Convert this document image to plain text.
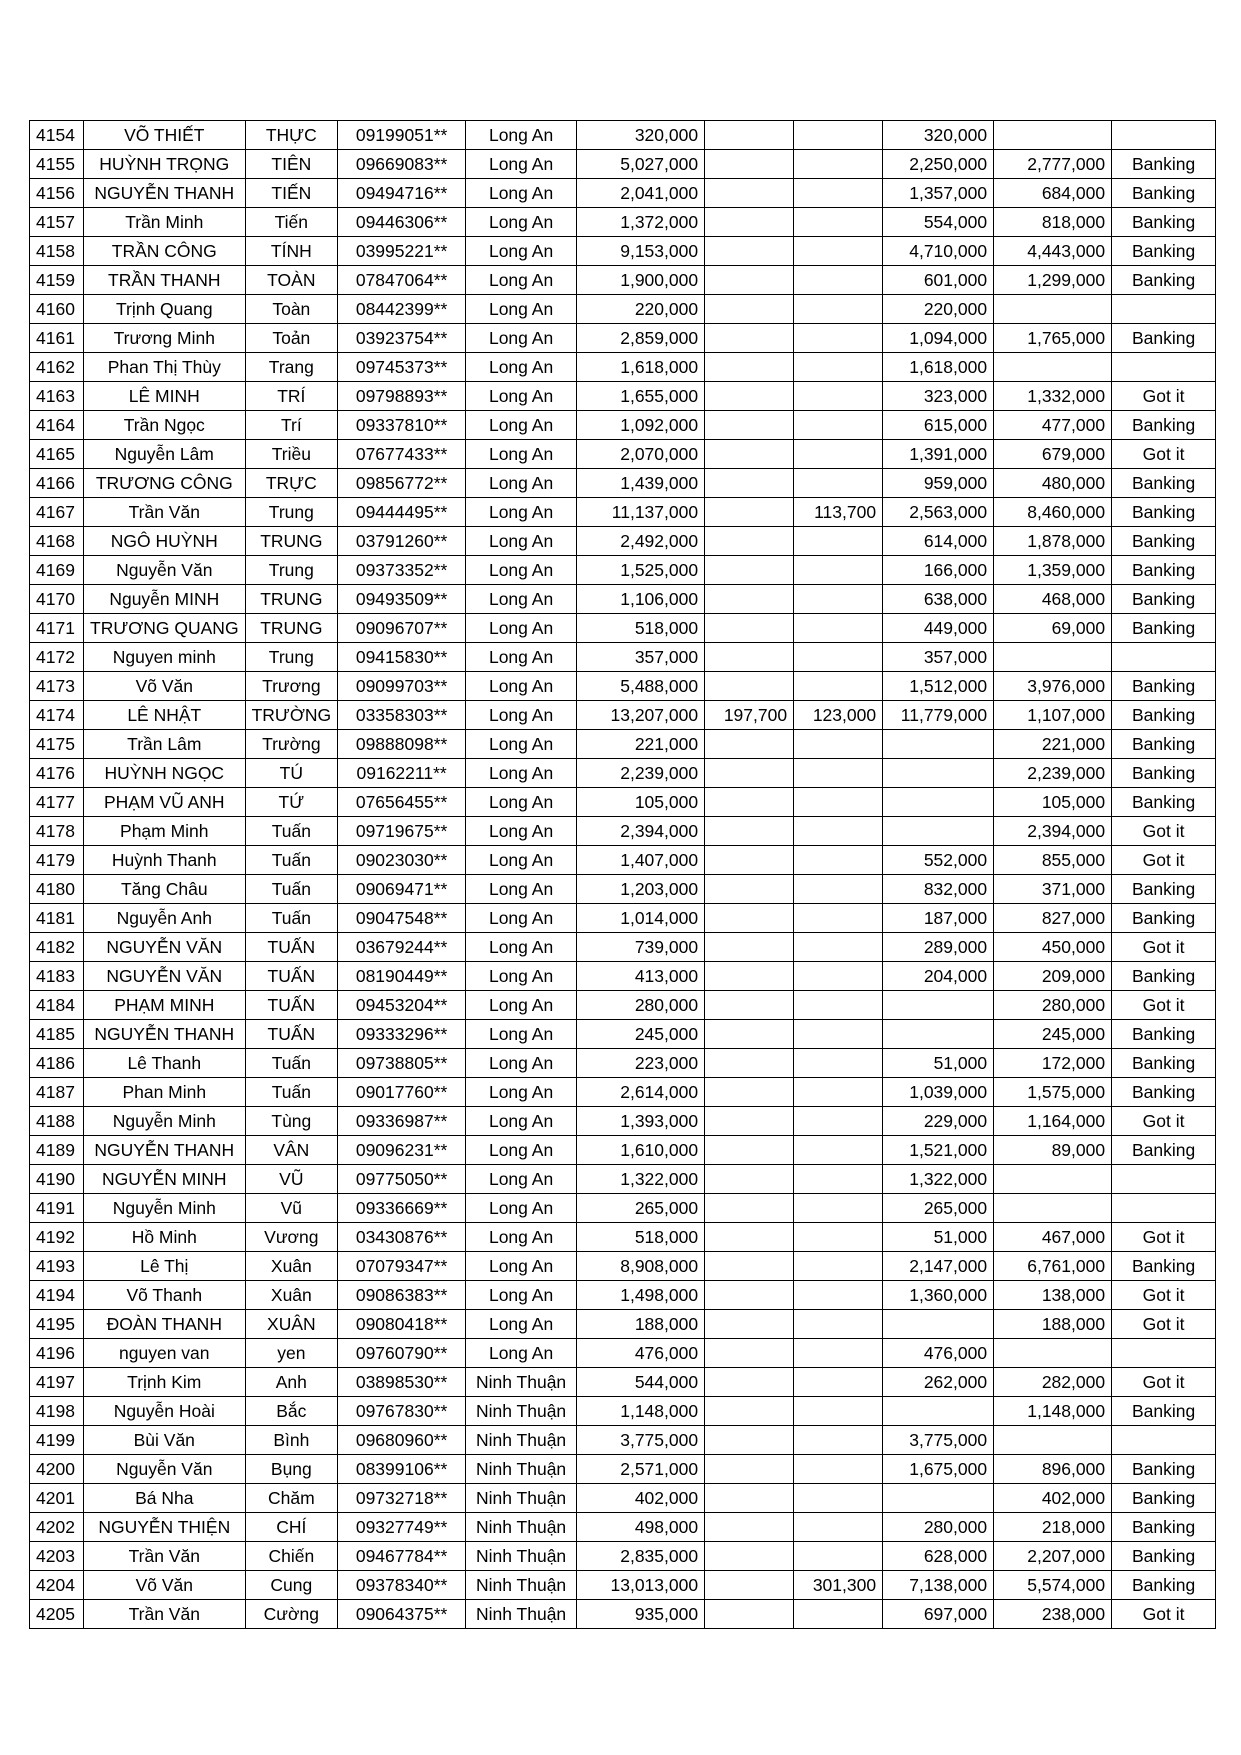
4154	VÕ THIẾT	THỰC	09199051**	Long An	320,000			320,000		
4155	HUỲNH TRỌNG	TIÊN	09669083**	Long An	5,027,000			2,250,000	2,777,000	Banking
4156	NGUYỄN THANH	TIẾN	09494716**	Long An	2,041,000			1,357,000	684,000	Banking
4157	Trần Minh	Tiến	09446306**	Long An	1,372,000			554,000	818,000	Banking
4158	TRẦN CÔNG	TÍNH	03995221**	Long An	9,153,000			4,710,000	4,443,000	Banking
4159	TRẦN THANH	TOÀN	07847064**	Long An	1,900,000			601,000	1,299,000	Banking
4160	Trịnh Quang	Toàn	08442399**	Long An	220,000			220,000		
4161	Trương Minh	Toản	03923754**	Long An	2,859,000			1,094,000	1,765,000	Banking
4162	Phan Thị Thùy	Trang	09745373**	Long An	1,618,000			1,618,000		
4163	LÊ MINH	TRÍ	09798893**	Long An	1,655,000			323,000	1,332,000	Got it
4164	Trần Ngọc	Trí	09337810**	Long An	1,092,000			615,000	477,000	Banking
4165	Nguyễn Lâm	Triều	07677433**	Long An	2,070,000			1,391,000	679,000	Got it
4166	TRƯƠNG CÔNG	TRỰC	09856772**	Long An	1,439,000			959,000	480,000	Banking
4167	Trần Văn	Trung	09444495**	Long An	11,137,000		113,700	2,563,000	8,460,000	Banking
4168	NGÔ HUỲNH	TRUNG	03791260**	Long An	2,492,000			614,000	1,878,000	Banking
4169	Nguyễn Văn	Trung	09373352**	Long An	1,525,000			166,000	1,359,000	Banking
4170	Nguyễn MINH	TRUNG	09493509**	Long An	1,106,000			638,000	468,000	Banking
4171	TRƯƠNG QUANG	TRUNG	09096707**	Long An	518,000			449,000	69,000	Banking
4172	Nguyen minh	Trung	09415830**	Long An	357,000			357,000		
4173	Võ Văn	Trương	09099703**	Long An	5,488,000			1,512,000	3,976,000	Banking
4174	LÊ NHẬT	TRƯỜNG	03358303**	Long An	13,207,000	197,700	123,000	11,779,000	1,107,000	Banking
4175	Trần Lâm	Trường	09888098**	Long An	221,000				221,000	Banking
4176	HUỲNH NGỌC	TÚ	09162211**	Long An	2,239,000				2,239,000	Banking
4177	PHẠM VŨ ANH	TỨ	07656455**	Long An	105,000				105,000	Banking
4178	Phạm Minh	Tuấn	09719675**	Long An	2,394,000				2,394,000	Got it
4179	Huỳnh Thanh	Tuấn	09023030**	Long An	1,407,000			552,000	855,000	Got it
4180	Tăng Châu	Tuấn	09069471**	Long An	1,203,000			832,000	371,000	Banking
4181	Nguyễn Anh	Tuấn	09047548**	Long An	1,014,000			187,000	827,000	Banking
4182	NGUYỄN VĂN	TUẤN	03679244**	Long An	739,000			289,000	450,000	Got it
4183	NGUYỄN VĂN	TUẤN	08190449**	Long An	413,000			204,000	209,000	Banking
4184	PHẠM MINH	TUẤN	09453204**	Long An	280,000				280,000	Got it
4185	NGUYỄN THANH	TUẤN	09333296**	Long An	245,000				245,000	Banking
4186	Lê Thanh	Tuấn	09738805**	Long An	223,000			51,000	172,000	Banking
4187	Phan Minh	Tuấn	09017760**	Long An	2,614,000			1,039,000	1,575,000	Banking
4188	Nguyễn Minh	Tùng	09336987**	Long An	1,393,000			229,000	1,164,000	Got it
4189	NGUYỄN THANH	VÂN	09096231**	Long An	1,610,000			1,521,000	89,000	Banking
4190	NGUYỄN MINH	VŨ	09775050**	Long An	1,322,000			1,322,000		
4191	Nguyễn Minh	Vũ	09336669**	Long An	265,000			265,000		
4192	Hồ Minh	Vương	03430876**	Long An	518,000			51,000	467,000	Got it
4193	Lê Thị	Xuân	07079347**	Long An	8,908,000			2,147,000	6,761,000	Banking
4194	Võ Thanh	Xuân	09086383**	Long An	1,498,000			1,360,000	138,000	Got it
4195	ĐOÀN THANH	XUÂN	09080418**	Long An	188,000				188,000	Got it
4196	nguyen van	yen	09760790**	Long An	476,000			476,000		
4197	Trịnh Kim	Anh	03898530**	Ninh Thuận	544,000			262,000	282,000	Got it
4198	Nguyễn Hoài	Bắc	09767830**	Ninh Thuận	1,148,000				1,148,000	Banking
4199	Bùi Văn	Bình	09680960**	Ninh Thuận	3,775,000			3,775,000		
4200	Nguyễn Văn	Bụng	08399106**	Ninh Thuận	2,571,000			1,675,000	896,000	Banking
4201	Bá Nha	Chăm	09732718**	Ninh Thuận	402,000				402,000	Banking
4202	NGUYỄN THIỆN	CHÍ	09327749**	Ninh Thuận	498,000			280,000	218,000	Banking
4203	Trần Văn	Chiến	09467784**	Ninh Thuận	2,835,000			628,000	2,207,000	Banking
4204	Võ Văn	Cung	09378340**	Ninh Thuận	13,013,000		301,300	7,138,000	5,574,000	Banking
4205	Trần Văn	Cường	09064375**	Ninh Thuận	935,000			697,000	238,000	Got it
